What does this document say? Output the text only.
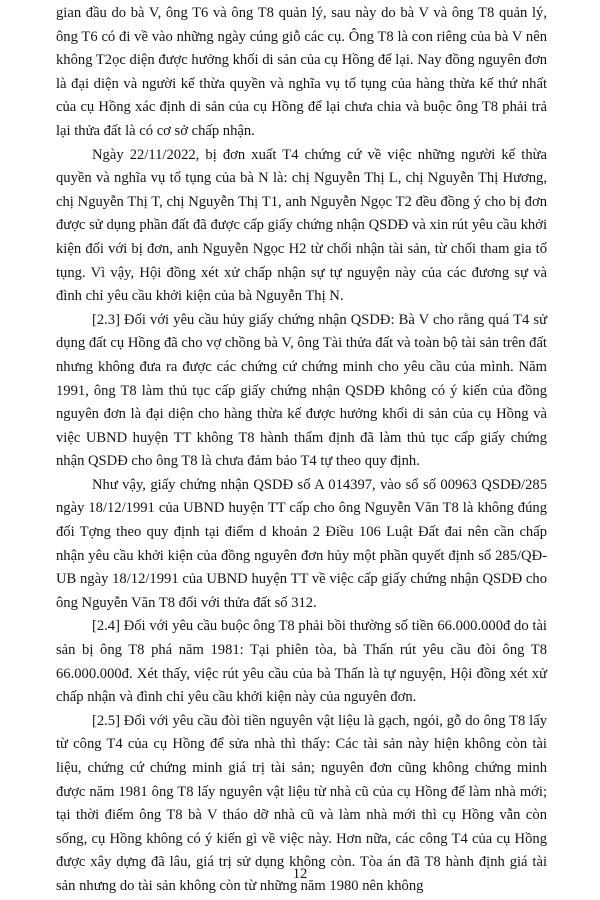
gian đầu do bà V, ông T6 và ông T8 quản lý, sau này do bà V và ông T8 quản lý, ông T6 có đi về vào những ngày cúng giỗ các cụ. Ông T8 là con riêng của bà V nên không T2ọc diện được hưởng khối di sản của cụ Hồng để lại. Nay đồng nguyên đơn là đại diện và người kế thừa quyền và nghĩa vụ tố tụng của hàng thừa kế thứ nhất của cụ Hồng xác định di sản của cụ Hồng để lại chưa chia và buộc ông T8 phải trả lại thửa đất là có cơ sở chấp nhận.

Ngày 22/11/2022, bị đơn xuất T4 chứng cứ về việc những người kế thừa quyền và nghĩa vụ tố tụng của bà N là: chị Nguyễn Thị L, chị Nguyễn Thị Hương, chị Nguyễn Thị T, chị Nguyễn Thị T1, anh Nguyễn Ngọc T2 đều đồng ý cho bị đơn được sử dụng phần đất đã được cấp giấy chứng nhận QSDĐ và xin rút yêu cầu khởi kiện đối với bị đơn, anh Nguyễn Ngọc H2 từ chối nhận tài sản, từ chối tham gia tố tụng. Vì vậy, Hội đồng xét xử chấp nhận sự tự nguyện này của các đương sự và đình chỉ yêu cầu khởi kiện của bà Nguyễn Thị N.

[2.3] Đối với yêu cầu hủy giấy chứng nhận QSDĐ: Bà V cho rằng quá T4 sử dụng đất cụ Hồng đã cho vợ chồng bà V, ông Tài thửa đất và toàn bộ tài sản trên đất nhưng không đưa ra được các chứng cứ chứng minh cho yêu cầu của mình. Năm 1991, ông T8 làm thủ tục cấp giấy chứng nhận QSDĐ không có ý kiến của đồng nguyên đơn là đại diện cho hàng thừa kế được hưởng khối di sản của cụ Hồng và việc UBND huyện TT không T8 hành thẩm định đã làm thủ tục cấp giấy chứng nhận QSDĐ cho ông T8 là chưa đảm bảo T4 tự theo quy định.

Như vậy, giấy chứng nhận QSDĐ số A 014397, vào sổ số 00963 QSDĐ/285 ngày 18/12/1991 của UBND huyện TT cấp cho ông Nguyễn Văn T8 là không đúng đối Tợng theo quy định tại điểm d khoản 2 Điều 106 Luật Đất đai nên cần chấp nhận yêu cầu khởi kiện của đồng nguyên đơn hủy một phần quyết định số 285/QĐ-UB ngày 18/12/1991 của UBND huyện TT về việc cấp giấy chứng nhận QSDĐ cho ông Nguyễn Văn T8 đối với thửa đất số 312.

[2.4] Đối với yêu cầu buộc ông T8 phải bồi thường số tiền 66.000.000đ do tài sản bị ông T8 phá năm 1981: Tại phiên tòa, bà Thấn rút yêu cầu đòi ông T8 66.000.000đ. Xét thấy, việc rút yêu cầu của bà Thấn là tự nguyện, Hội đồng xét xử chấp nhận và đình chỉ yêu cầu khởi kiện này của nguyên đơn.

[2.5] Đối với yêu cầu đòi tiền nguyên vật liệu là gạch, ngói, gỗ do ông T8 lấy từ công T4 của cụ Hồng để sửa nhà thì thấy: Các tài sản này hiện không còn tài liệu, chứng cứ chứng minh giá trị tài sản; nguyên đơn cũng không chứng minh được năm 1981 ông T8 lấy nguyên vật liệu từ nhà cũ của cụ Hồng để làm nhà mới; tại thời điểm ông T8 bà V tháo dỡ nhà cũ và làm nhà mới thì cụ Hồng vẫn còn sống, cụ Hồng không có ý kiến gì về việc này. Hơn nữa, các công T4 của cụ Hồng được xây dựng đã lâu, giá trị sử dụng không còn. Tòa án đã T8 hành định giá tài sản nhưng do tài sản không còn từ những năm 1980 nên không

12
